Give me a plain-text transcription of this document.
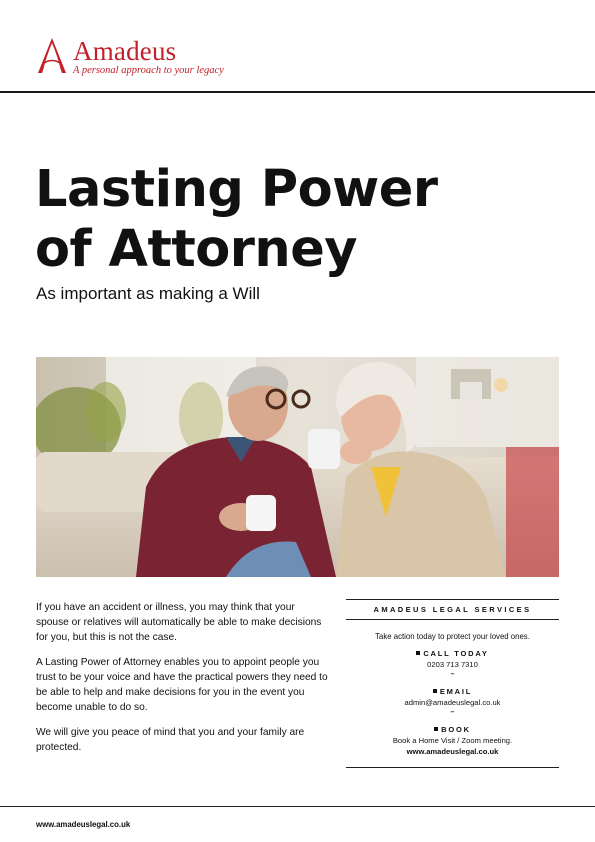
Amadeus
A personal approach to your legacy
Lasting Power
of Attorney
As important as making a Will

If you have an accident or illness, you may think that your spouse or relatives will automatically be able to make decisions for you, but this is not the case.

A Lasting Power of Attorney enables you to appoint people you trust to be your voice and have the practical powers they need to be able to help and make decisions for you in the event you become unable to do so.

We will give you peace of mind that you and your family are protected.

AMADEUS LEGAL SERVICES
Take action today to protect your loved ones.
CALL TODAY
0203 713 7310
–
EMAIL
admin@amadeuslegal.co.uk
–
BOOK
Book a Home Visit / Zoom meeting.
www.amadeuslegal.co.uk
www.amadeuslegal.co.uk
